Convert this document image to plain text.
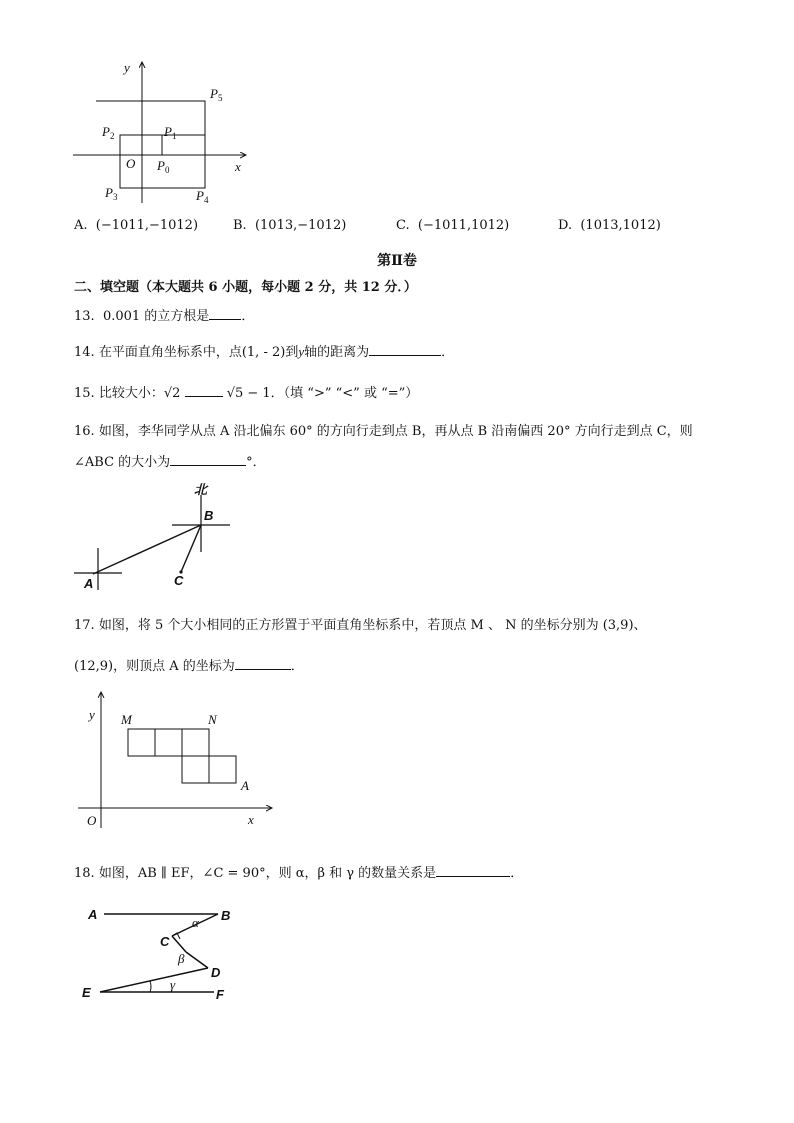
y
x
O $P_0$
$P_1$
$P_2$
$P_3$	$P_4$
$P_5$
A. (−1011,−1012)	B. (1013,−1012)	C. (−1011,1012)	D. (1013,1012)
第Ⅱ卷
二、填空题（本大题共 6 小题，每小题 2 分，共 12 分．）
13. 0.001 的立方根是 ．
14. 在平面直角坐标系中，点(1, - 2)到y轴的距离为	．
15. 比较大小：√2	√5 − 1．（填 “>” “<” 或 “=”）
16. 如图，李华同学从点 A 沿北偏东 60° 的方向行走到点 B，再从点 B 沿南偏西 20° 方向行走到点 C，则
∠ABC 的大小为	°．
北
B
A	C
17. 如图，将 5 个大小相同的正方形置于平面直角坐标系中，若顶点 M 、 N 的坐标分别为 (3,9)、
(12,9)，则顶点 A 的坐标为	．
y
x
O
M	N
A
18. 如图，AB ∥ EF，∠C = 90°，则 α，β 和 γ 的数量关系是	．
A	B
C
D
E	F
α
β
γ
